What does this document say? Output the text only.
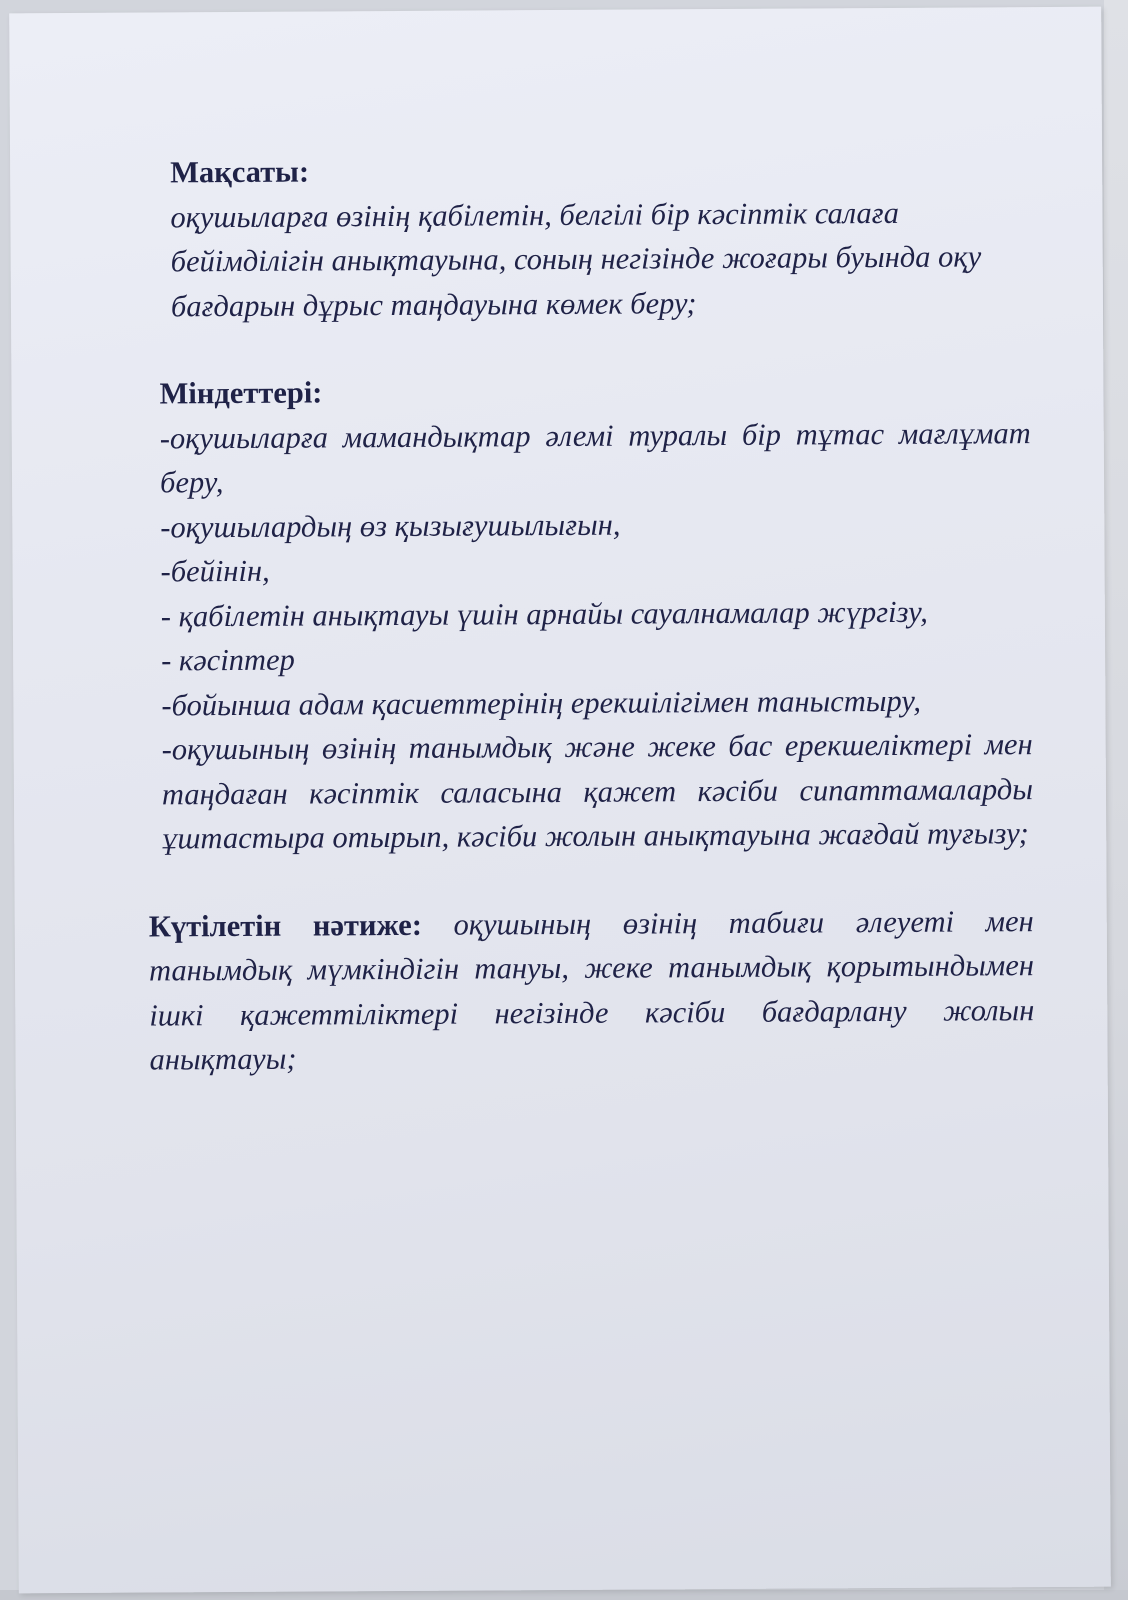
Мақсаты:

оқушыларға өзінің қабілетін, белгілі бір кәсіптік салаға бейімділігін анықтауына, соның негізінде жоғары буында оқу бағдарын дұрыс таңдауына көмек беру;

Міндеттері:

-оқушыларға мамандықтар әлемі туралы бір тұтас мағлұмат беру,

-оқушылардың өз қызығушылығын,

-бейінін,

- қабілетін анықтауы үшін арнайы сауалнамалар жүргізу,

- кәсіптер

-бойынша адам қасиеттерінің ерекшілігімен таныстыру,

-оқушының өзінің танымдық және жеке бас ерекшеліктері мен таңдаған кәсіптік саласына қажет кәсіби сипаттамаларды ұштастыра отырып, кәсіби жолын анықтауына жағдай туғызу;

Күтілетін нәтиже: оқушының өзінің табиғи әлеуеті мен танымдық мүмкіндігін тануы, жеке танымдық қорытындымен ішкі қажеттіліктері негізінде кәсіби бағдарлану жолын анықтауы;
